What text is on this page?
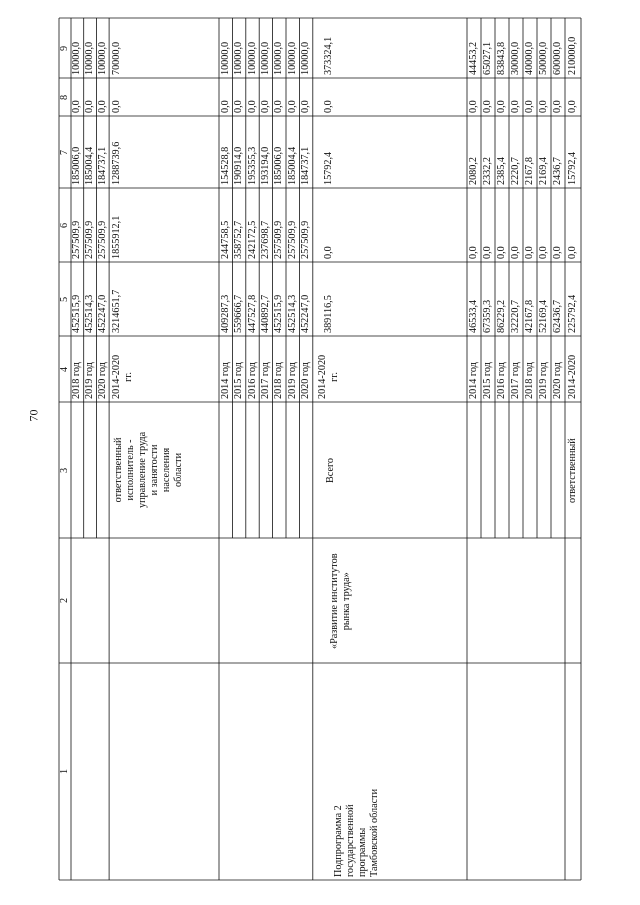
70
1
2
3
4
5
6
7
8
9
2018 год
452515,9
257509,9
185006,0
0,0
10000,0
2019 год
452514,3
257509,9
185004,4
0,0
10000,0
2020 год
452247,0
257509,9
184737,1
0,0
10000,0
ответственный
исполнитель -
управление труда
и занятости
населения
области
2014-2020
гг.
3214651,7
1855912,1
1288739,6
0,0
70000,0
2014 год
409287,3
244758,5
154528,8
0,0
10000,0
2015 год
559666,7
358752,7
190914,0
0,0
10000,0
2016 год
447527,8
242172,5
195355,3
0,0
10000,0
2017 год
440892,7
237698,7
193194,0
0,0
10000,0
2018 год
452515,9
257509,9
185006,0
0,0
10000,0
2019 год
452514,3
257509,9
185004,4
0,0
10000,0
2020 год
452247,0
257509,9
184737,1
0,0
10000,0
Подпрограмма 2
государственной
программы
Тамбовской области
«Развитие институтов
рынка труда»
Всего
2014-2020
гг.
389116,5
0,0
15792,4
0,0
373324,1
2014 год
46533,4
0,0
2080,2
0,0
44453,2
2015 год
67359,3
0,0
2332,2
0,0
65027,1
2016 год
86229,2
0,0
2385,4
0,0
83843,8
2017 год
32220,7
0,0
2220,7
0,0
30000,0
2018 год
42167,8
0,0
2167,8
0,0
40000,0
2019 год
52169,4
0,0
2169,4
0,0
50000,0
2020 год
62436,7
0,0
2436,7
0,0
60000,0
ответственный
2014-2020
225792,4
0,0
15792,4
0,0
210000,0
